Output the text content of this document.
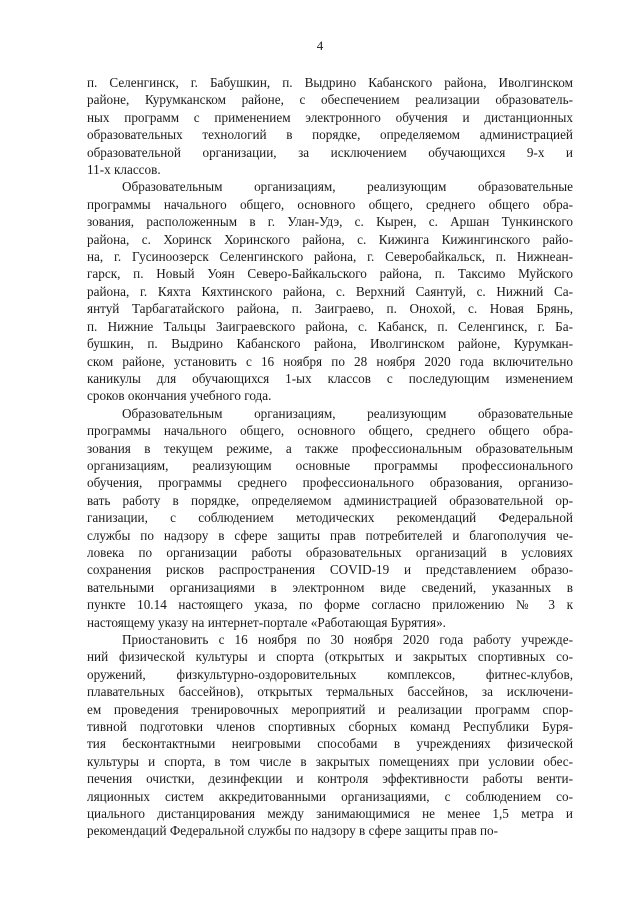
4

п. Селенгинск, г. Бабушкин, п. Выдрино Кабанского района, Иволгинском
районе, Курумканском районе, с обеспечением реализации образователь-
ных программ с применением электронного обучения и дистанционных
образовательных технологий в порядке, определяемом администрацией
образовательной организации, за исключением обучающихся 9-х и
11-х классов.

Образовательным организациям, реализующим образовательные
программы начального общего, основного общего, среднего общего обра-
зования, расположенным в г. Улан-Удэ, с. Кырен, с. Аршан Тункинского
района, с. Хоринск Хоринского района, с. Кижинга Кижингинского райо-
на, г. Гусиноозерск Селенгинского района, г. Северобайкальск, п. Нижнеан-
гарск, п. Новый Уоян Северо-Байкальского района, п. Таксимо Муйского
района, г. Кяхта Кяхтинского района, с. Верхний Саянтуй, с. Нижний Са-
янтуй Тарбагатайского района, п. Заиграево, п. Онохой, с. Новая Брянь,
п. Нижние Тальцы Заиграевского района, с. Кабанск, п. Селенгинск, г. Ба-
бушкин, п. Выдрино Кабанского района, Иволгинском районе, Курумкан-
ском районе, установить с 16 ноября по 28 ноября 2020 года включительно
каникулы для обучающихся 1-ых классов с последующим изменением
сроков окончания учебного года.

Образовательным организациям, реализующим образовательные
программы начального общего, основного общего, среднего общего обра-
зования в текущем режиме, а также профессиональным образовательным
организациям, реализующим основные программы профессионального
обучения, программы среднего профессионального образования, организо-
вать работу в порядке, определяемом администрацией образовательной ор-
ганизации, с соблюдением методических рекомендаций Федеральной
службы по надзору в сфере защиты прав потребителей и благополучия че-
ловека по организации работы образовательных организаций в условиях
сохранения рисков распространения COVID-19 и представлением образо-
вательными организациями в электронном виде сведений, указанных в
пункте 10.14 настоящего указа, по форме согласно приложению № 3 к
настоящему указу на интернет-портале «Работающая Бурятия».

Приостановить с 16 ноября по 30 ноября 2020 года работу учрежде-
ний физической культуры и спорта (открытых и закрытых спортивных со-
оружений, физкультурно-оздоровительных комплексов, фитнес-клубов,
плавательных бассейнов), открытых термальных бассейнов, за исключени-
ем проведения тренировочных мероприятий и реализации программ спор-
тивной подготовки членов спортивных сборных команд Республики Буря-
тия бесконтактными неигровыми способами в учреждениях физической
культуры и спорта, в том числе в закрытых помещениях при условии обес-
печения очистки, дезинфекции и контроля эффективности работы венти-
ляционных систем аккредитованными организациями, с соблюдением со-
циального дистанцирования между занимающимися не менее 1,5 метра и
рекомендаций Федеральной службы по надзору в сфере защиты прав по-
